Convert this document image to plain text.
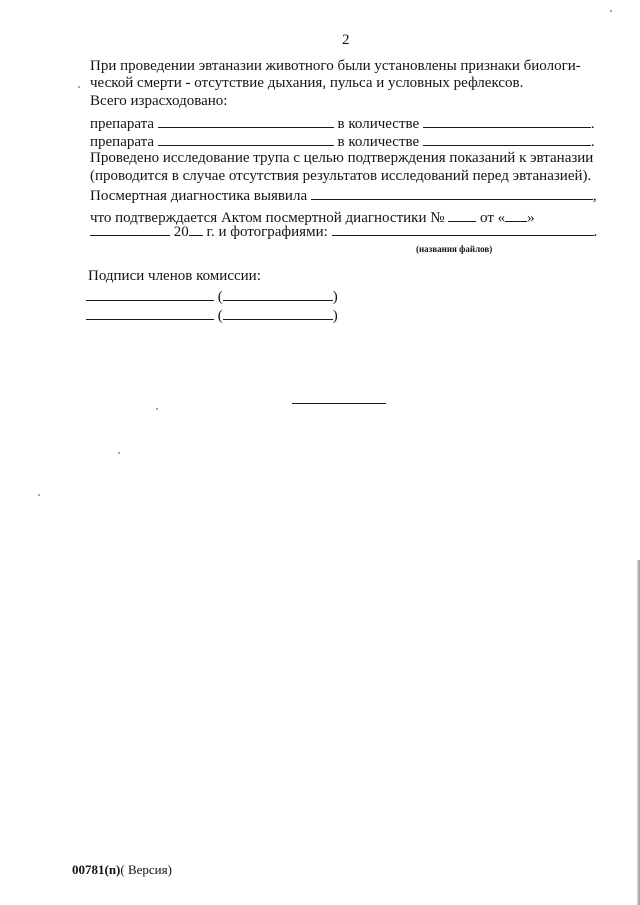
2
При проведении эвтаназии животного были установлены признаки биологи-
ческой смерти - отсутствие дыхания, пульса и условных рефлексов.
Всего израсходовано:
препарата	в количестве	.
препарата	в количестве	.
Проведено исследование трупа с целью подтверждения показаний к эвтаназии
(проводится в случае отсутствия результатов исследований перед эвтаназией).
Посмертная диагностика выявила	,
что подтверждается Актом посмертной диагностики № от « »
20 г. и фотографиями:	.
(названия файлов)
Подписи членов комиссии:
(	)
(	)
00781(n)( Версия)
